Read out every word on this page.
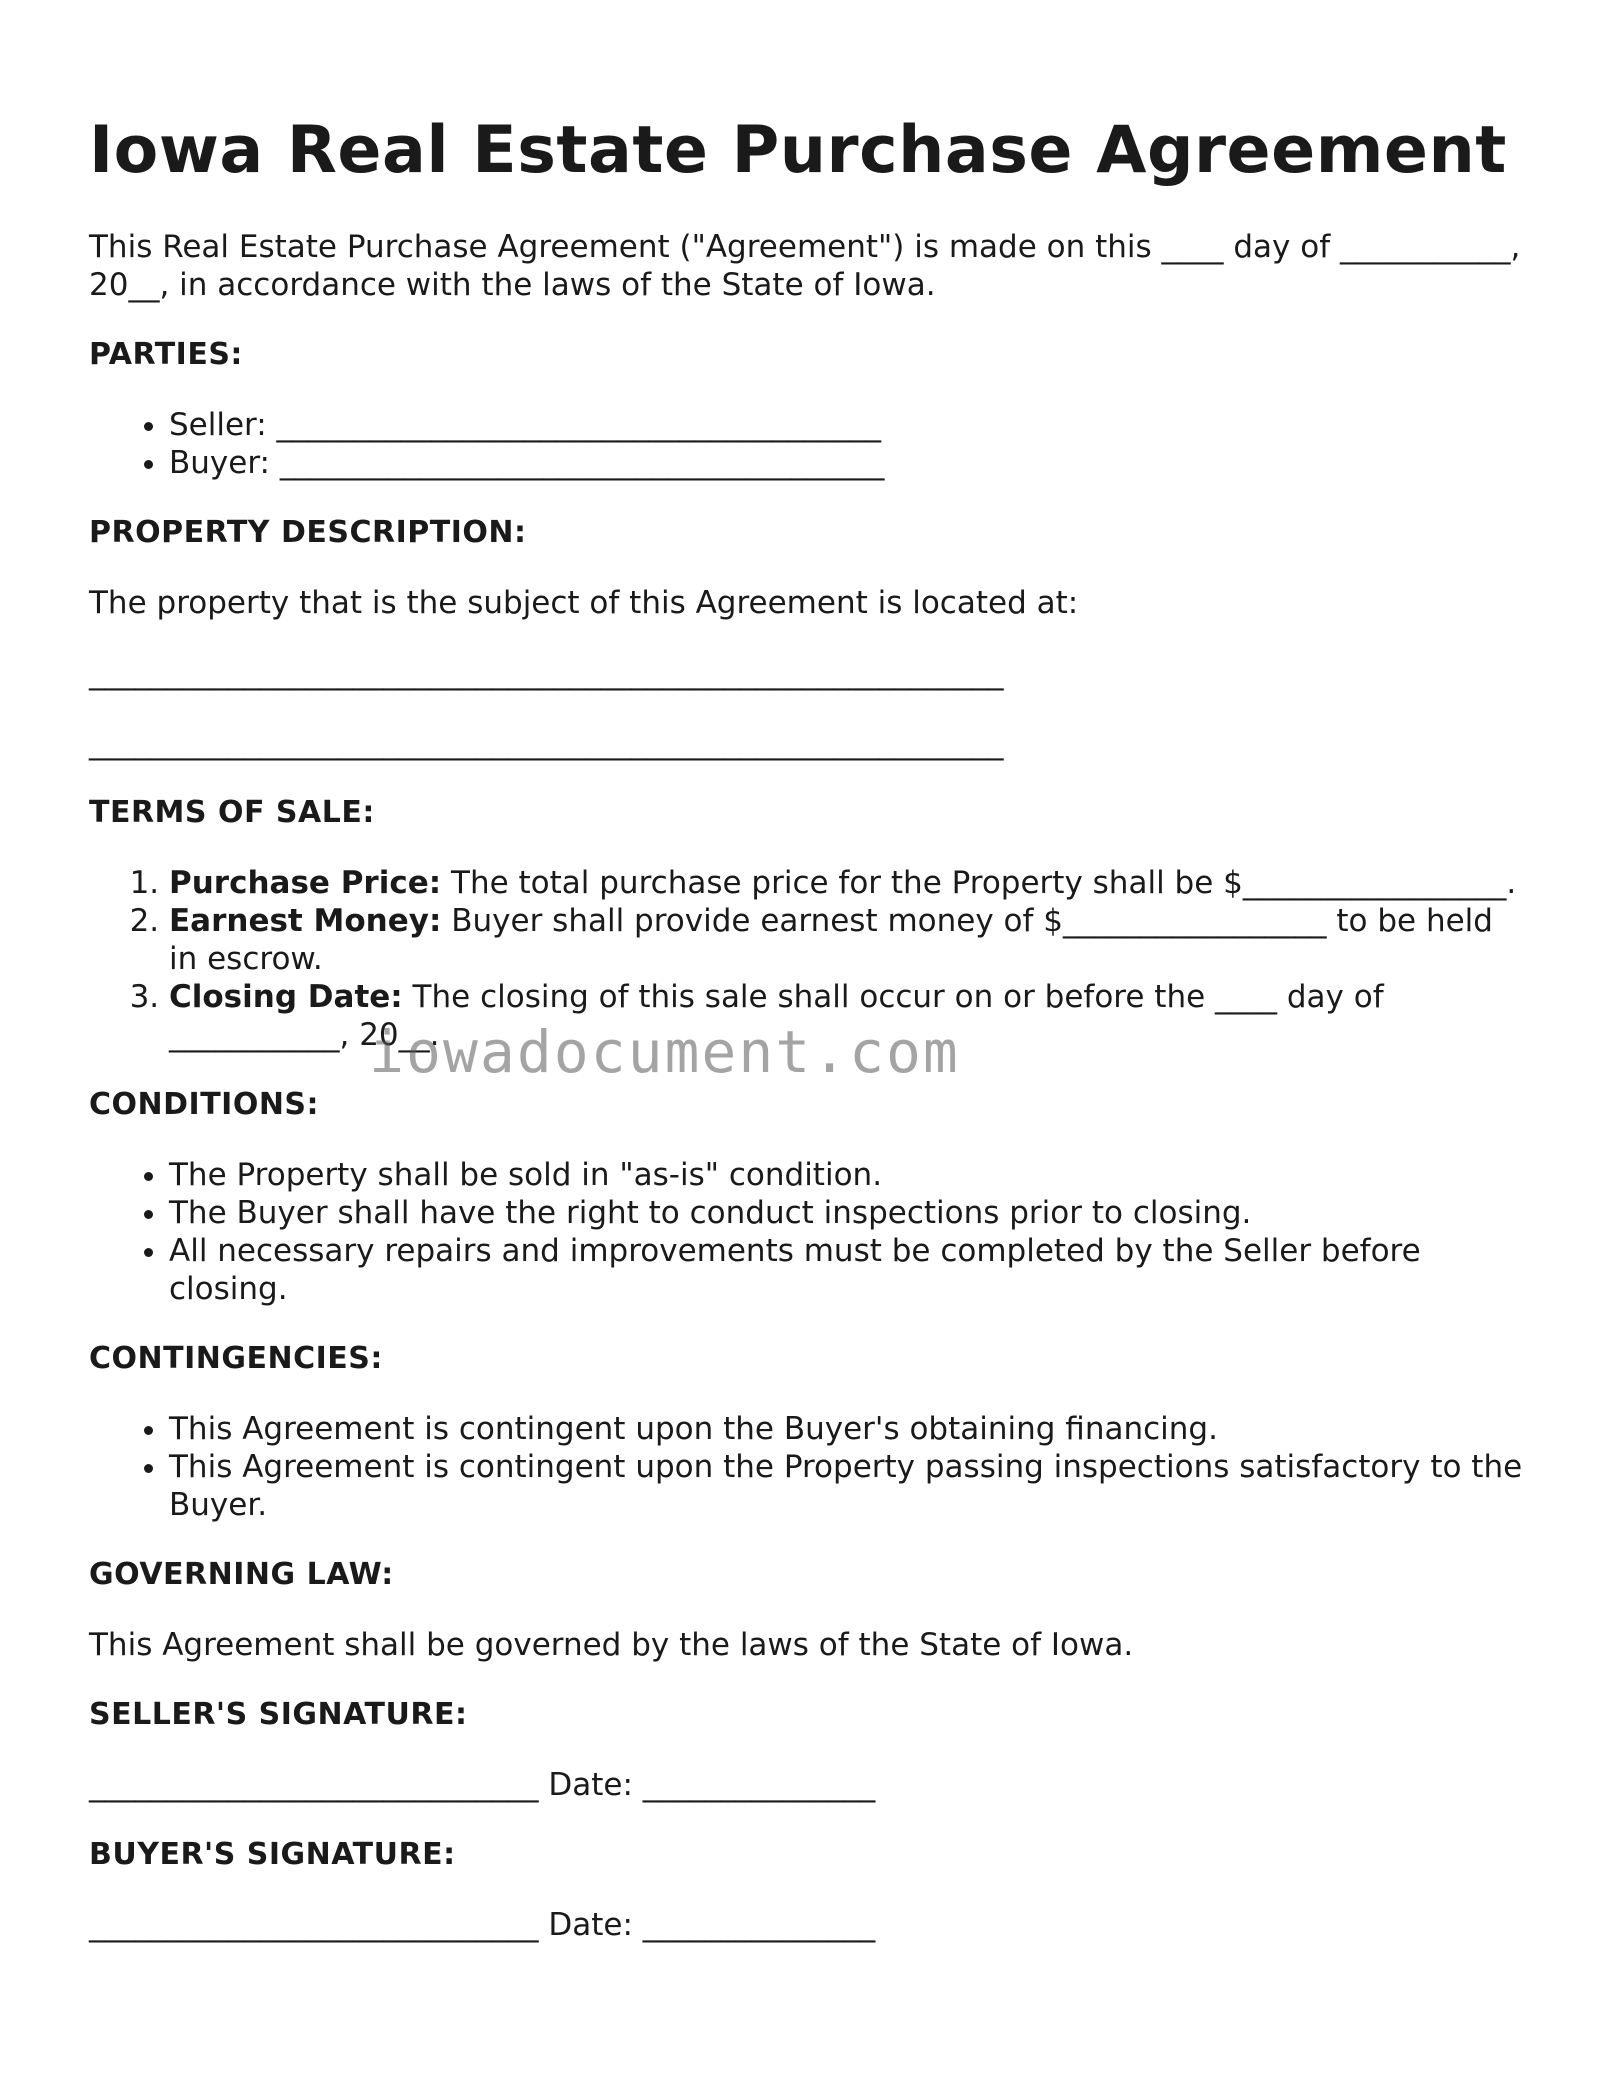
Iowa Real Estate Purchase Agreement

This Real Estate Purchase Agreement ("Agreement") is made on this ____ day of ___________, 20__, in accordance with the laws of the State of Iowa.

PARTIES:

• Seller: _______________________________________
• Buyer: _______________________________________

PROPERTY DESCRIPTION:

The property that is the subject of this Agreement is located at:

___________________________________________________________

___________________________________________________________

TERMS OF SALE:

1. Purchase Price: The total purchase price for the Property shall be $_________________.
2. Earnest Money: Buyer shall provide earnest money of $_________________ to be held in escrow.
3. Closing Date: The closing of this sale shall occur on or before the ____ day of ___________, 20__.

CONDITIONS:

• The Property shall be sold in "as-is" condition.
• The Buyer shall have the right to conduct inspections prior to closing.
• All necessary repairs and improvements must be completed by the Seller before closing.

CONTINGENCIES:

• This Agreement is contingent upon the Buyer's obtaining financing.
• This Agreement is contingent upon the Property passing inspections satisfactory to the Buyer.

GOVERNING LAW:

This Agreement shall be governed by the laws of the State of Iowa.

SELLER'S SIGNATURE:

_____________________________ Date: _______________

BUYER'S SIGNATURE:

_____________________________ Date: _______________

iowadocument.com
